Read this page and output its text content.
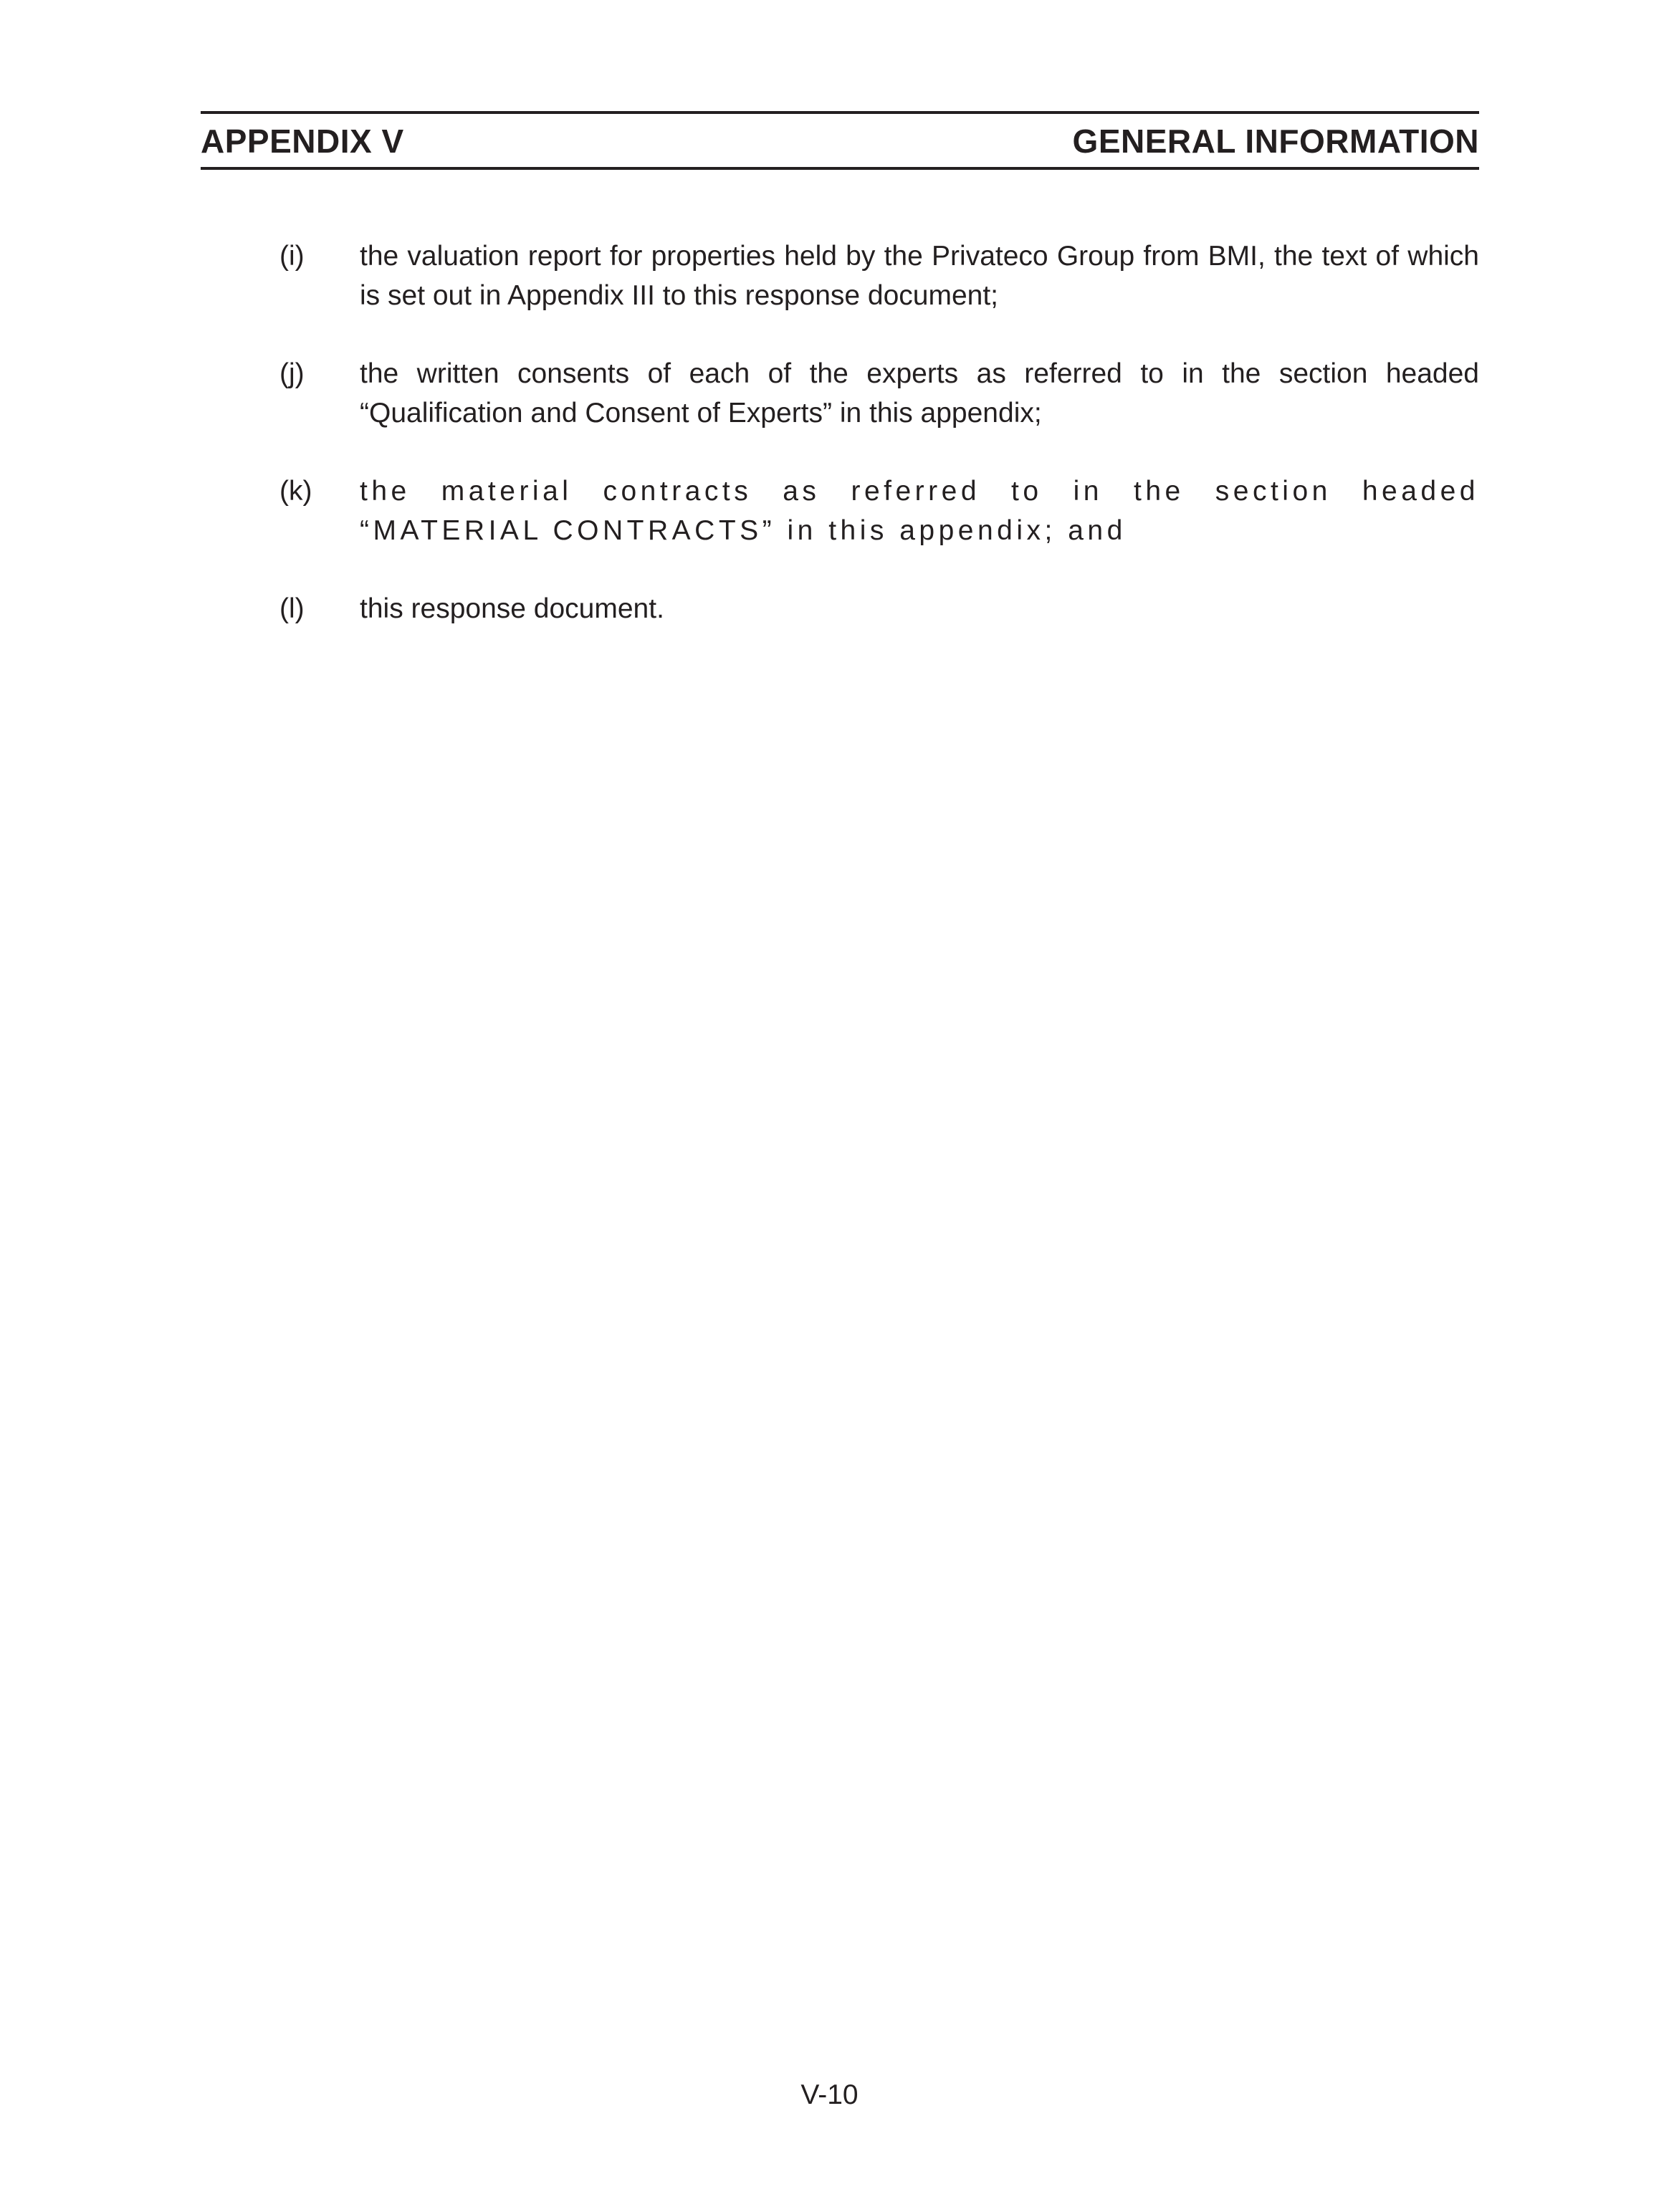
APPENDIX V	GENERAL INFORMATION
(i) the valuation report for properties held by the Privateco Group from BMI, the text of which is set out in Appendix III to this response document;
(j) the written consents of each of the experts as referred to in the section headed “Qualification and Consent of Experts” in this appendix;
(k) the material contracts as referred to in the section headed “MATERIAL CONTRACTS” in this appendix; and
(l) this response document.
V-10
